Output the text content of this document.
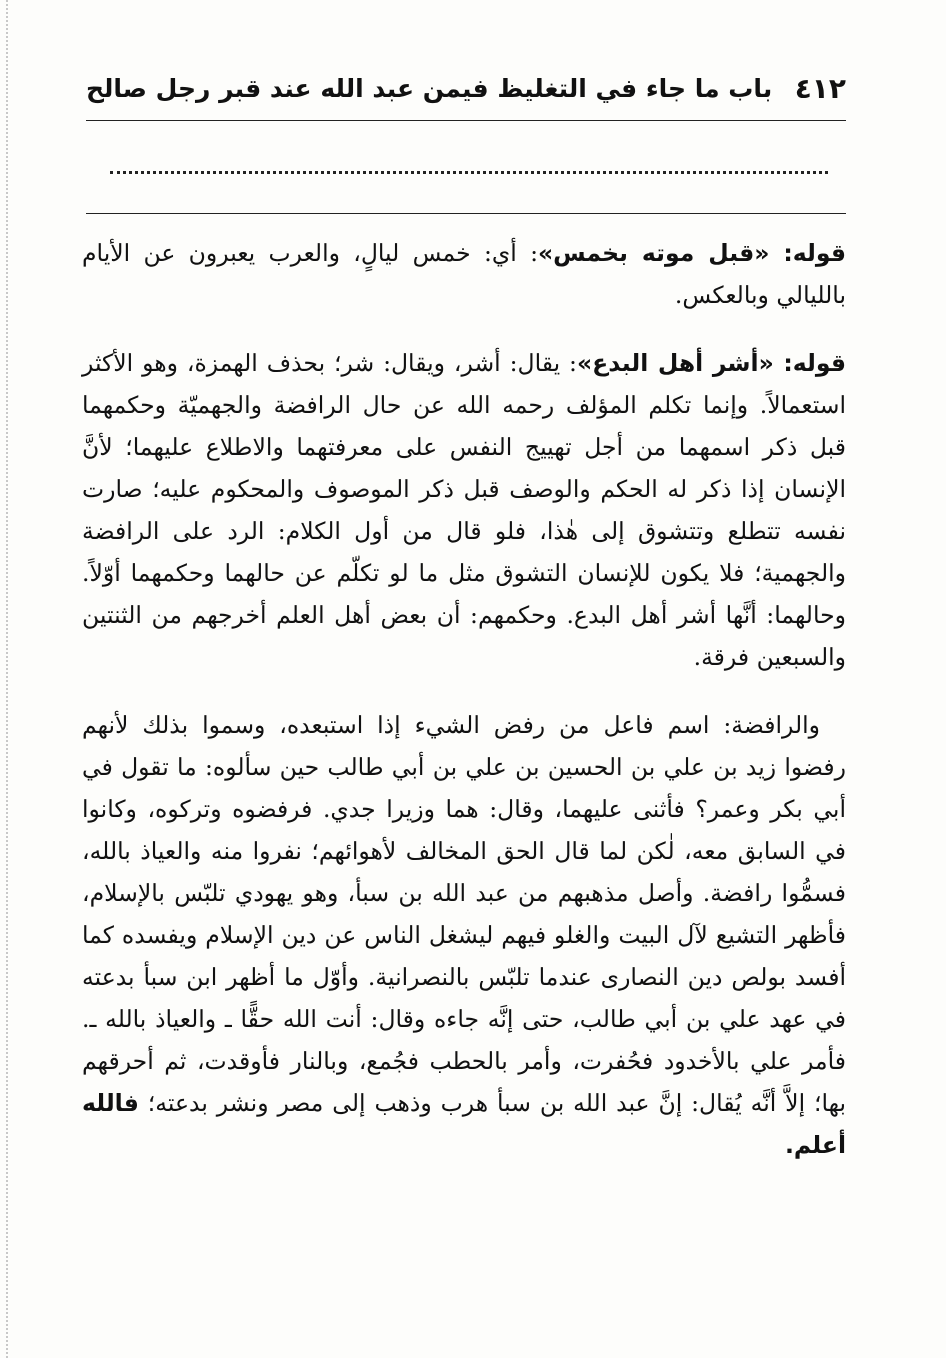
٤١٢
باب ما جاء في التغليظ فيمن عبد الله عند قبر رجل صالح

قوله: «قبل موته بخمس»: أي: خمس ليالٍ، والعرب يعبرون عن الأيام بالليالي وبالعكس.

قوله: «أشر أهل البدع»: يقال: أشر، ويقال: شر؛ بحذف الهمزة، وهو الأكثر استعمالاً. وإنما تكلم المؤلف رحمه الله عن حال الرافضة والجهميّة وحكمهما قبل ذكر اسمهما من أجل تهييج النفس على معرفتهما والاطلاع عليهما؛ لأنَّ الإنسان إذا ذكر له الحكم والوصف قبل ذكر الموصوف والمحكوم عليه؛ صارت نفسه تتطلع وتتشوق إلى هٰذا، فلو قال من أول الكلام: الرد على الرافضة والجهمية؛ فلا يكون للإنسان التشوق مثل ما لو تكلّم عن حالهما وحكمهما أوّلاً. وحالهما: أنَّها أشر أهل البدع. وحكمهم: أن بعض أهل العلم أخرجهم من الثنتين والسبعين فرقة.

والرافضة: اسم فاعل من رفض الشيء إذا استبعده، وسموا بذلك لأنهم رفضوا زيد بن علي بن الحسين بن علي بن أبي طالب حين سألوه: ما تقول في أبي بكر وعمر؟ فأثنى عليهما، وقال: هما وزيرا جدي. فرفضوه وتركوه، وكانوا في السابق معه، لٰكن لما قال الحق المخالف لأهوائهم؛ نفروا منه والعياذ بالله، فسمُّوا رافضة. وأصل مذهبهم من عبد الله بن سبأ، وهو يهودي تلبّس بالإسلام، فأظهر التشيع لآل البيت والغلو فيهم ليشغل الناس عن دين الإسلام ويفسده كما أفسد بولص دين النصارى عندما تلبّس بالنصرانية. وأوّل ما أظهر ابن سبأ بدعته في عهد علي بن أبي طالب، حتى إنَّه جاءه وقال: أنت الله حقًّا ـ والعياذ بالله ـ. فأمر علي بالأخدود فحُفرت، وأمر بالحطب فجُمع، وبالنار فأوقدت، ثم أحرقهم بها؛ إلاَّ أنَّه يُقال: إنَّ عبد الله بن سبأ هرب وذهب إلى مصر ونشر بدعته؛ فالله أعلم.
